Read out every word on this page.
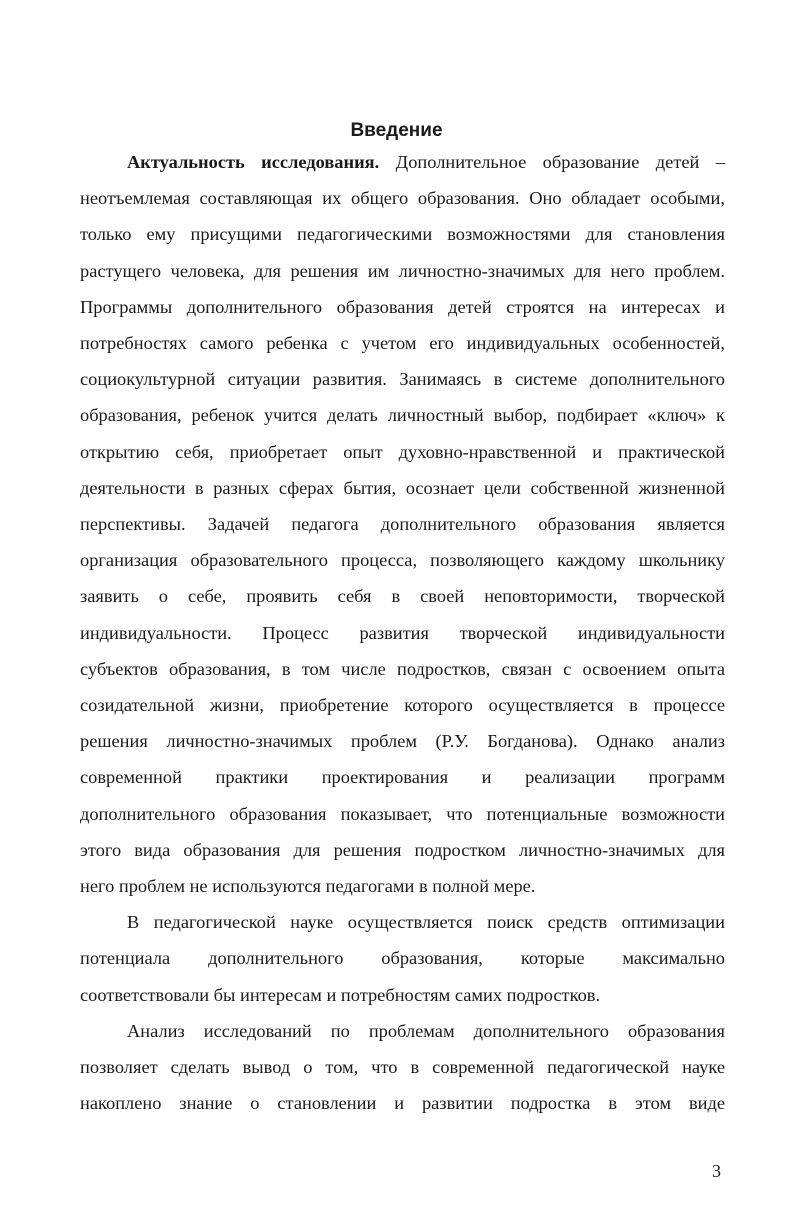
Введение

Актуальность исследования. Дополнительное образование детей –
неотъемлемая составляющая их общего образования. Оно обладает особыми,
только ему присущими педагогическими возможностями для становления
растущего человека, для решения им личностно-значимых для него проблем.
Программы дополнительного образования детей строятся на интересах и
потребностях самого ребенка с учетом его индивидуальных особенностей,
социокультурной ситуации развития. Занимаясь в системе дополнительного
образования, ребенок учится делать личностный выбор, подбирает «ключ» к
открытию себя, приобретает опыт духовно-нравственной и практической
деятельности в разных сферах бытия, осознает цели собственной жизненной
перспективы. Задачей педагога дополнительного образования является
организация образовательного процесса, позволяющего каждому школьнику
заявить о себе, проявить себя в своей неповторимости, творческой
индивидуальности. Процесс развития творческой индивидуальности
субъектов образования, в том числе подростков, связан с освоением опыта
созидательной жизни, приобретение которого осуществляется в процессе
решения личностно-значимых проблем (Р.У. Богданова). Однако анализ
современной практики проектирования и реализации программ
дополнительного образования показывает, что потенциальные возможности
этого вида образования для решения подростком личностно-значимых для
него проблем не используются педагогами в полной мере.

В педагогической науке осуществляется поиск средств оптимизации
потенциала дополнительного образования, которые максимально
соответствовали бы интересам и потребностям самих подростков.

Анализ исследований по проблемам дополнительного образования
позволяет сделать вывод о том, что в современной педагогической науке
накоплено знание о становлении и развитии подростка в этом виде

3
